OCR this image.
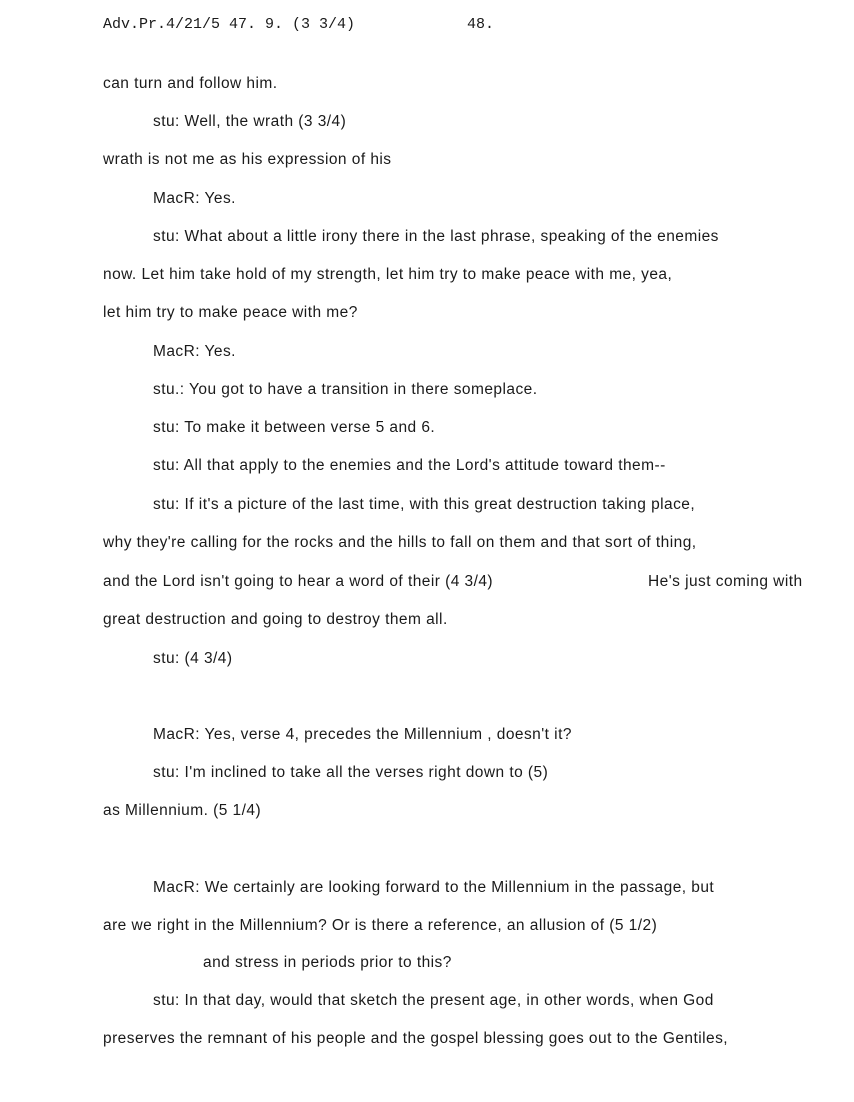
Adv.Pr.4/21/5 47. 9. (3 3/4)	48.
can turn and follow him.
stu: Well, the wrath (3 3/4)
wrath is not me as his expression of his
MacR: Yes.
stu: What about a little irony there in the last phrase, speaking of the enemies
now. Let him take hold of my strength, let him try to make peace with me, yea,
let him try to make peace with me?
MacR: Yes.
stu.: You got to have a transition in there someplace.
stu: To make it between verse 5 and 6.
stu: All that apply to the enemies and the Lord's attitude toward them--
stu: If it's a picture of the last time, with this great destruction taking place,
why they're calling for the rocks and the hills to fall on them and that sort of thing,
and the Lord isn't going to hear a word of their (4 3/4)	He's just coming with
great destruction and going to destroy them all.
stu: (4 3/4)
MacR: Yes, verse 4, precedes the Millennium , doesn't it?
stu: I'm inclined to take all the verses right down to (5)
as Millennium. (5 1/4)
MacR: We certainly are looking forward to the Millennium in the passage, but
are we right in the Millennium? Or is there a reference, an allusion of (5 1/2)
and stress in periods prior to this?
stu: In that day, would that sketch the present age, in other words, when God
preserves the remnant of his people and the gospel blessing goes out to the Gentiles,
